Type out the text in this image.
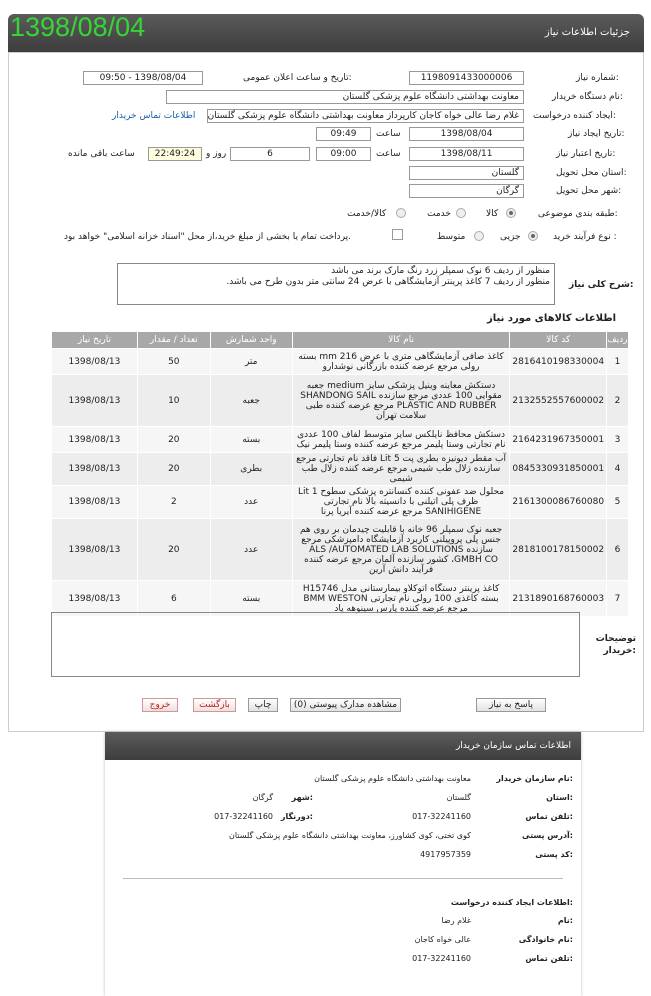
1398/08/04	جزئیات اطلاعات نیاز
شماره نیاز:
1198091433000006
تاریخ و ساعت اعلان عمومی:
1398/08/04 - 09:50
نام دستگاه خریدار:
معاونت بهداشتی دانشگاه علوم پزشکی گلستان
ایجاد کننده درخواست:
غلام رضا عالی خواه کاجان کارپرداز معاونت بهداشتی دانشگاه علوم پزشکی گلستان
اطلاعات تماس خریدار
تاریخ ایجاد نیاز:
1398/08/04
ساعت
09:49
تاریخ اعتبار نیاز:
1398/08/11
ساعت
09:00
6
روز و
22:49:24
ساعت باقی مانده
استان محل تحویل:
گلستان
شهر محل تحویل:
گرگان
طبقه بندی موضوعی:
کالا
خدمت
کالا/خدمت
نوع فرآیند خرید :
جزیی
متوسط
پرداخت تمام یا بخشی از مبلغ خرید،از محل "اسناد خزانه اسلامی" خواهد بود.
شرح کلی نیاز:
منظور از ردیف 6 نوک سمپلر زرد رنگ مارک برند می باشد
منظور از ردیف 7 کاغذ پرینتر آزمایشگاهی با عرض 24 سانتی متر بدون طرح می باشد.
اطلاعات کالاهای مورد نیاز
ردیف	کد کالا	نام کالا	واحد شمارش	تعداد / مقدار	تاریخ نیاز
1	2816410198330004	کاغذ صافی آزمایشگاهی متری با عرض 216 mm بسته رولی مرجع عرضه کننده بازرگانی نوشدارو	متر	50	1398/08/13
2	2132552557600002	دستکش معاینه وینیل پزشکی سایز medium جعبه مقوایی 100 عددی مرجع سازنده SHANDONG SAIL PLASTIC AND RUBBER مرجع عرضه کننده طبی سلامت تهران	جعبه	10	1398/08/13
3	2164231967350001	دستکش محافظ نایلکس سایز متوسط لفاف 100 عددی نام تجارتی وستا پلیمر مرجع عرضه کننده وستا پلیمر نیک	بسته	20	1398/08/13
4	0845330931850001	آب مقطر دیونیزه بطری پت 5 Lit فاقد نام تجارتی مرجع سازنده زلال طب شیمی مرجع عرضه کننده زلال طب شیمی	بطری	20	1398/08/13
5	2161300086760080	محلول ضد عفونی کننده کنسانتره پزشکی سطوح 1 Lit ظرف پلی اتیلنی با دانسیته بالا نام تجارتی SANIHIGENE مرجع عرضه کننده آیریا پرنا	عدد	2	1398/08/13
6	2818100178150002	جعبه نوک سمپلر 96 خانه با قابلیت چیدمان بر روی هم جنس پلی پروپیلنی کاربرد آزمایشگاه دامپزشکی مرجع سازنده ALS /AUTOMATED LAB SOLUTIONS GMBH CO، کشور سازنده آلمان مرجع عرضه کننده فرآیند دانش آرین	عدد	20	1398/08/13
7	2131890168760003	کاغذ پرینتر دستگاه اتوکلاو بیمارستانی مدل H15746 بسته کاغذی 100 رولی نام تجارتی BMM WESTON مرجع عرضه کننده پارس سینوهه پاد	بسته	6	1398/08/13
توضیحات خریدار:
پاسخ به نیاز
مشاهده مدارک پیوستی (0)
چاپ
بازگشت
خروج
اطلاعات تماس سازمان خریدار
نام سازمان خریدار:
معاونت بهداشتی دانشگاه علوم پزشکی گلستان
استان:
گلستان
شهر:
گرگان
تلفن تماس:
017-32241160
دورنگار:
017-32241160
آدرس پستی:
کوی تختی، کوی کشاورز، معاونت بهداشتی دانشگاه علوم پزشکی گلستان
کد پستی:
4917957359
اطلاعات ایجاد کننده درخواست:
نام:
غلام رضا
نام خانوادگی:
عالی خواه کاجان
تلفن تماس:
017-32241160
